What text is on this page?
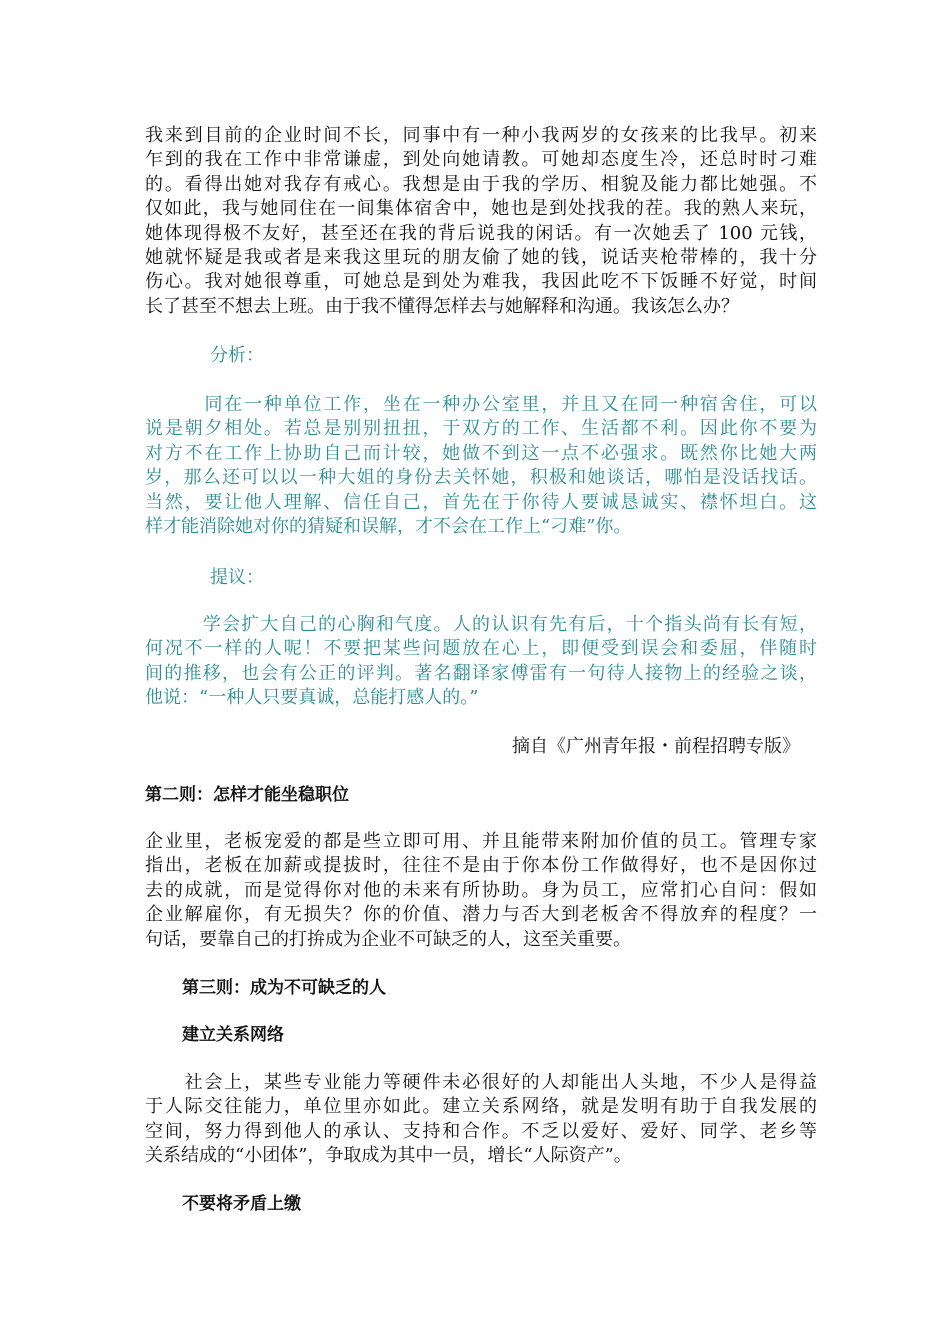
我来到目前的企业时间不长，同事中有一种小我两岁的女孩来的比我早。初来
乍到的我在工作中非常谦虚，到处向她请教。可她却态度生冷，还总时时刁难
的。看得出她对我存有戒心。我想是由于我的学历、相貌及能力都比她强。不
仅如此，我与她同住在一间集体宿舍中，她也是到处找我的茬。我的熟人来玩，
她体现得极不友好，甚至还在我的背后说我的闲话。有一次她丢了 100 元钱，
她就怀疑是我或者是来我这里玩的朋友偷了她的钱，说话夹枪带棒的，我十分
伤心。我对她很尊重，可她总是到处为难我，我因此吃不下饭睡不好觉，时间
长了甚至不想去上班。由于我不懂得怎样去与她解释和沟通。我该怎么办？
分析：
　　　同在一种单位工作，坐在一种办公室里，并且又在同一种宿舍住，可以
说是朝夕相处。若总是别别扭扭，于双方的工作、生活都不利。因此你不要为
对方不在工作上协助自己而计较，她做不到这一点不必强求。既然你比她大两
岁，那么还可以以一种大姐的身份去关怀她，积极和她谈话，哪怕是没话找话。
当然，要让他人理解、信任自己，首先在于你待人要诚恳诚实、襟怀坦白。这
样才能消除她对你的猜疑和误解，才不会在工作上“刁难”你。
提议：
　　　学会扩大自己的心胸和气度。人的认识有先有后，十个指头尚有长有短，
何况不一样的人呢！不要把某些问题放在心上，即便受到误会和委屈，伴随时
间的推移，也会有公正的评判。著名翻译家傅雷有一句待人接物上的经验之谈，
他说：“一种人只要真诚，总能打感人的。”
摘自《广州青年报・前程招聘专版》
第二则：怎样才能坐稳职位
企业里，老板宠爱的都是些立即可用、并且能带来附加价值的员工。管理专家
指出，老板在加薪或提拔时，往往不是由于你本份工作做得好，也不是因你过
去的成就，而是觉得你对他的未来有所协助。身为员工，应常扪心自问：假如
企业解雇你，有无损失？你的价值、潜力与否大到老板舍不得放弃的程度？一
句话，要靠自己的打拚成为企业不可缺乏的人，这至关重要。
第三则：成为不可缺乏的人
建立关系网络
　　社会上，某些专业能力等硬件未必很好的人却能出人头地，不少人是得益
于人际交往能力，单位里亦如此。建立关系网络，就是发明有助于自我发展的
空间，努力得到他人的承认、支持和合作。不乏以爱好、爱好、同学、老乡等
关系结成的“小团体”，争取成为其中一员，增长“人际资产”。
不要将矛盾上缴
